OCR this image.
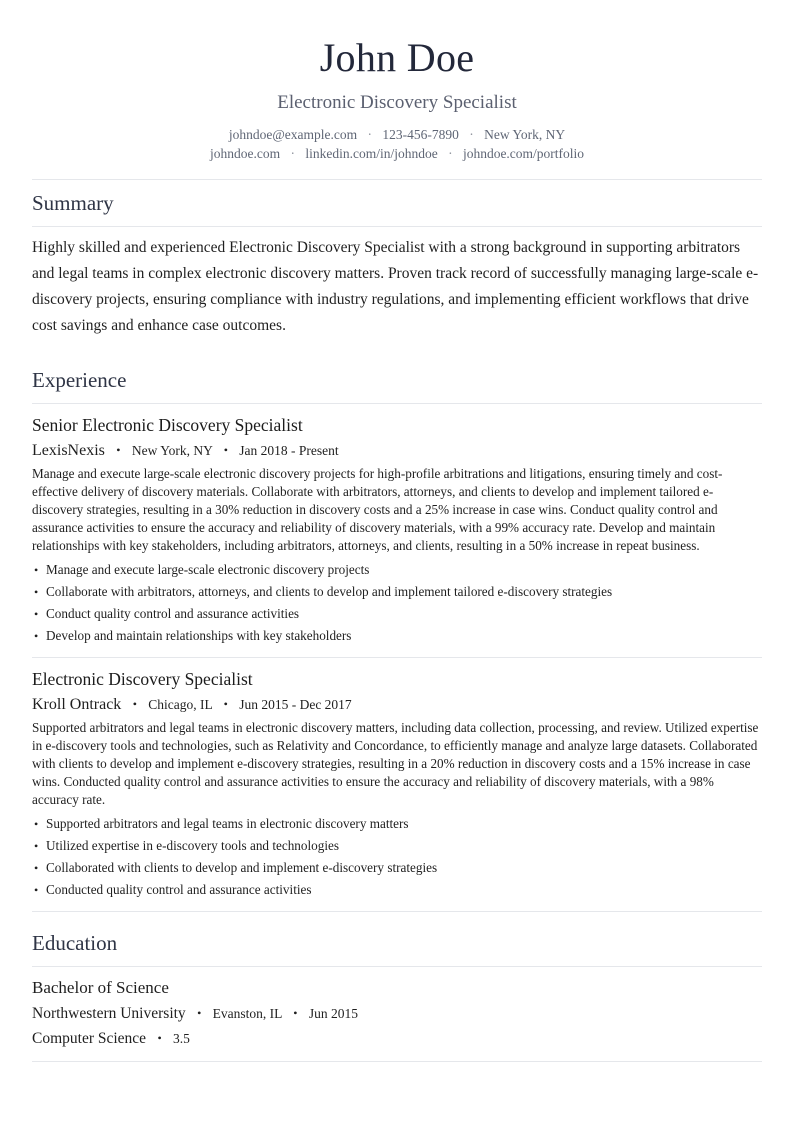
John Doe
Electronic Discovery Specialist
johndoe@example.com · 123-456-7890 · New York, NY
johndoe.com · linkedin.com/in/johndoe · johndoe.com/portfolio
Summary
Highly skilled and experienced Electronic Discovery Specialist with a strong background in supporting arbitrators and legal teams in complex electronic discovery matters. Proven track record of successfully managing large-scale e-discovery projects, ensuring compliance with industry regulations, and implementing efficient workflows that drive cost savings and enhance case outcomes.
Experience
Senior Electronic Discovery Specialist
LexisNexis • New York, NY • Jan 2018 - Present
Manage and execute large-scale electronic discovery projects for high-profile arbitrations and litigations, ensuring timely and cost-effective delivery of discovery materials. Collaborate with arbitrators, attorneys, and clients to develop and implement tailored e-discovery strategies, resulting in a 30% reduction in discovery costs and a 25% increase in case wins. Conduct quality control and assurance activities to ensure the accuracy and reliability of discovery materials, with a 99% accuracy rate. Develop and maintain relationships with key stakeholders, including arbitrators, attorneys, and clients, resulting in a 50% increase in repeat business.
• Manage and execute large-scale electronic discovery projects
• Collaborate with arbitrators, attorneys, and clients to develop and implement tailored e-discovery strategies
• Conduct quality control and assurance activities
• Develop and maintain relationships with key stakeholders
Electronic Discovery Specialist
Kroll Ontrack • Chicago, IL • Jun 2015 - Dec 2017
Supported arbitrators and legal teams in electronic discovery matters, including data collection, processing, and review. Utilized expertise in e-discovery tools and technologies, such as Relativity and Concordance, to efficiently manage and analyze large datasets. Collaborated with clients to develop and implement e-discovery strategies, resulting in a 20% reduction in discovery costs and a 15% increase in case wins. Conducted quality control and assurance activities to ensure the accuracy and reliability of discovery materials, with a 98% accuracy rate.
• Supported arbitrators and legal teams in electronic discovery matters
• Utilized expertise in e-discovery tools and technologies
• Collaborated with clients to develop and implement e-discovery strategies
• Conducted quality control and assurance activities
Education
Bachelor of Science
Northwestern University • Evanston, IL • Jun 2015
Computer Science • 3.5
